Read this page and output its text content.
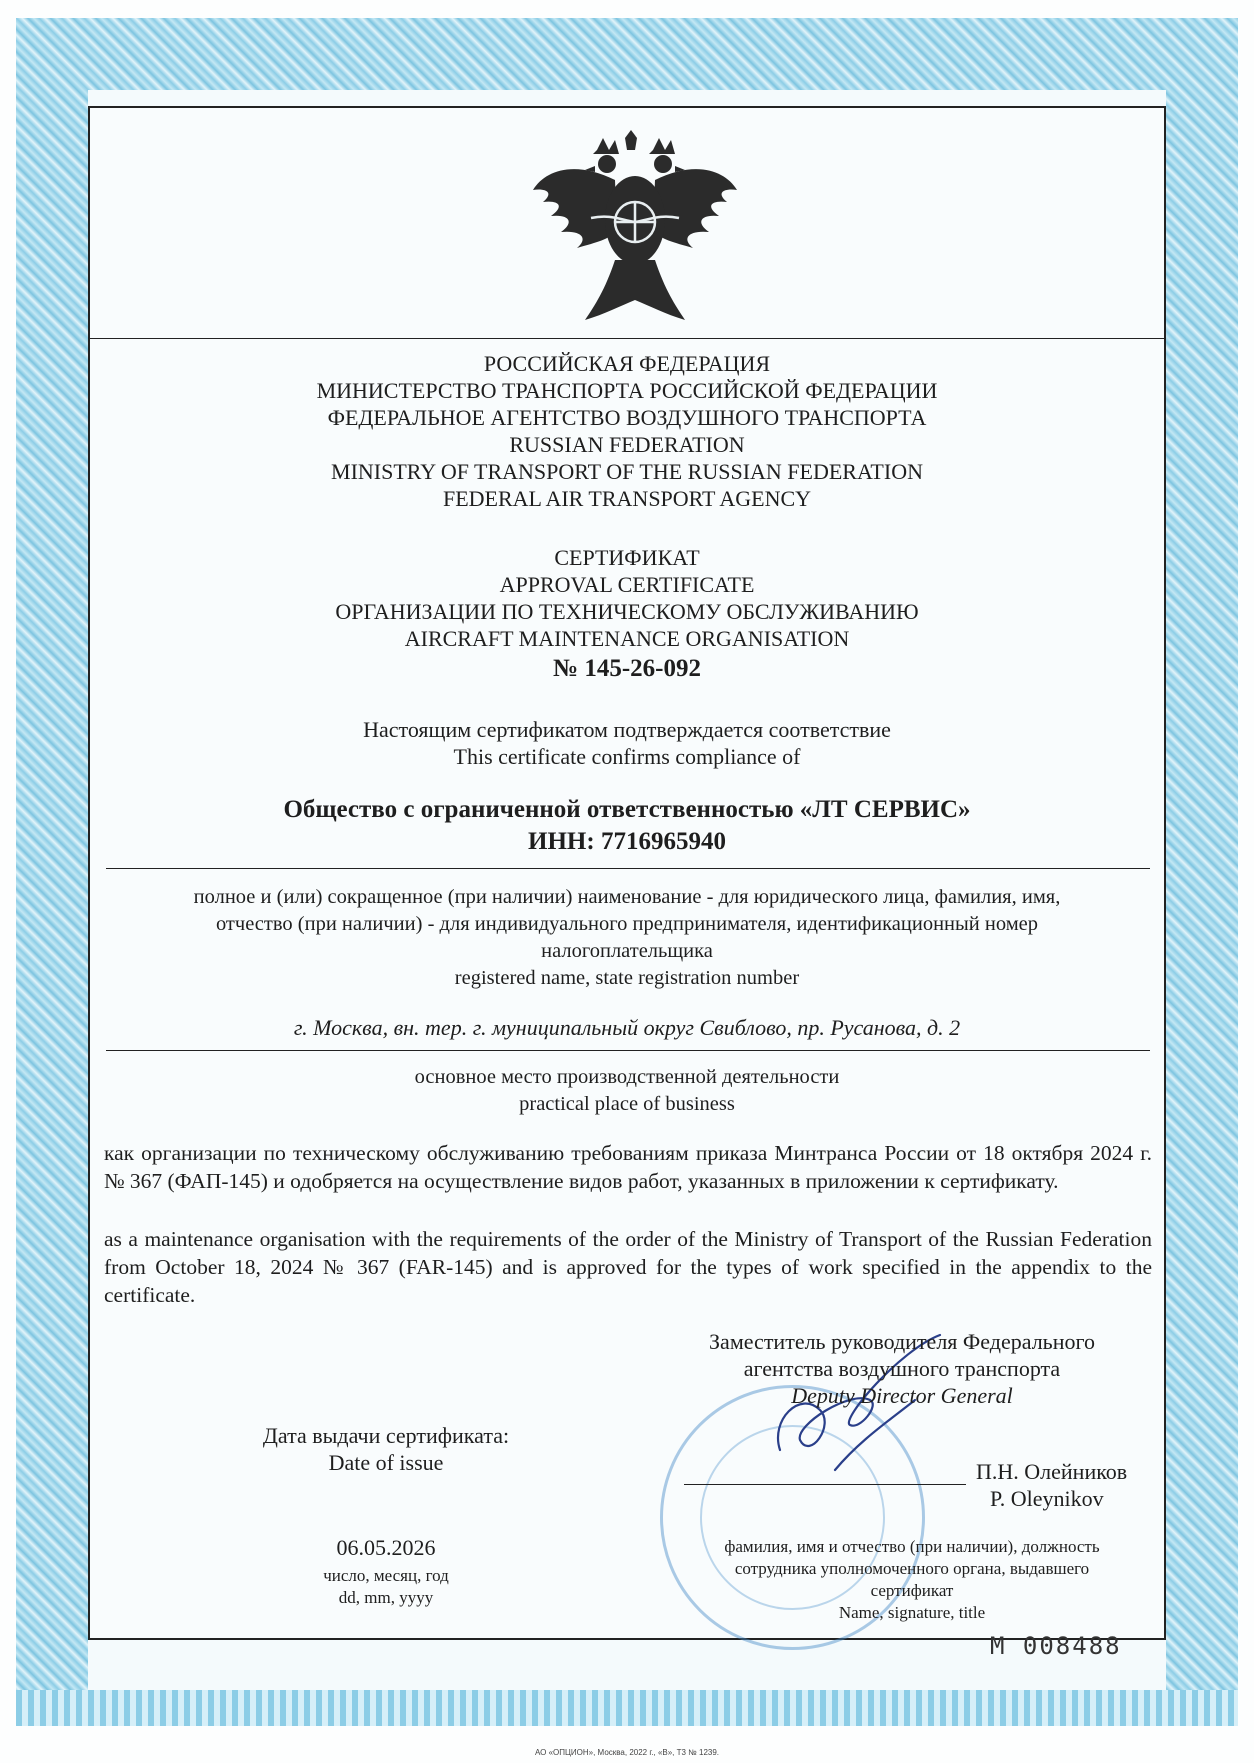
РОССИЙСКАЯ ФЕДЕРАЦИЯ
МИНИСТЕРСТВО ТРАНСПОРТА РОССИЙСКОЙ ФЕДЕРАЦИИ
ФЕДЕРАЛЬНОЕ АГЕНТСТВО ВОЗДУШНОГО ТРАНСПОРТА
RUSSIAN FEDERATION
MINISTRY OF TRANSPORT OF THE RUSSIAN FEDERATION
FEDERAL AIR TRANSPORT AGENCY
СЕРТИФИКАТ
APPROVAL CERTIFICATE
ОРГАНИЗАЦИИ ПО ТЕХНИЧЕСКОМУ ОБСЛУЖИВАНИЮ
AIRCRAFT MAINTENANCE ORGANISATION
№ 145-26-092
Настоящим сертификатом подтверждается соответствие
This certificate confirms compliance of
Общество с ограниченной ответственностью «ЛТ СЕРВИС»
ИНН: 7716965940
полное и (или) сокращенное (при наличии) наименование - для юридического лица, фамилия, имя,
отчество (при наличии) - для индивидуального предпринимателя, идентификационный номер
налогоплательщика
registered name, state registration number
г. Москва, вн. тер. г. муниципальный округ Свиблово, пр. Русанова, д. 2
основное место производственной деятельности
practical place of business
как организации по техническому обслуживанию требованиям приказа Минтранса России от 18 октября 2024 г. № 367 (ФАП-145) и одобряется на осуществление видов работ, указанных в приложении к сертификату.
as a maintenance organisation with the requirements of the order of the Ministry of Transport of the Russian Federation from October 18, 2024 № 367 (FAR-145) and is approved for the types of work specified in the appendix to the certificate.
Заместитель руководителя Федерального
агентства воздушного транспорта
Deputy Director General
П.Н. Олейников
P. Oleynikov
фамилия, имя и отчество (при наличии), должность
сотрудника уполномоченного органа, выдавшего
сертификат
Name, signature, title
Дата выдачи сертификата:
Date of issue
06.05.2026
число, месяц, год
dd, mm, yyyy
М 008488
АО «ОПЦИОН», Москва, 2022 г., «В», Т3 № 1239.
